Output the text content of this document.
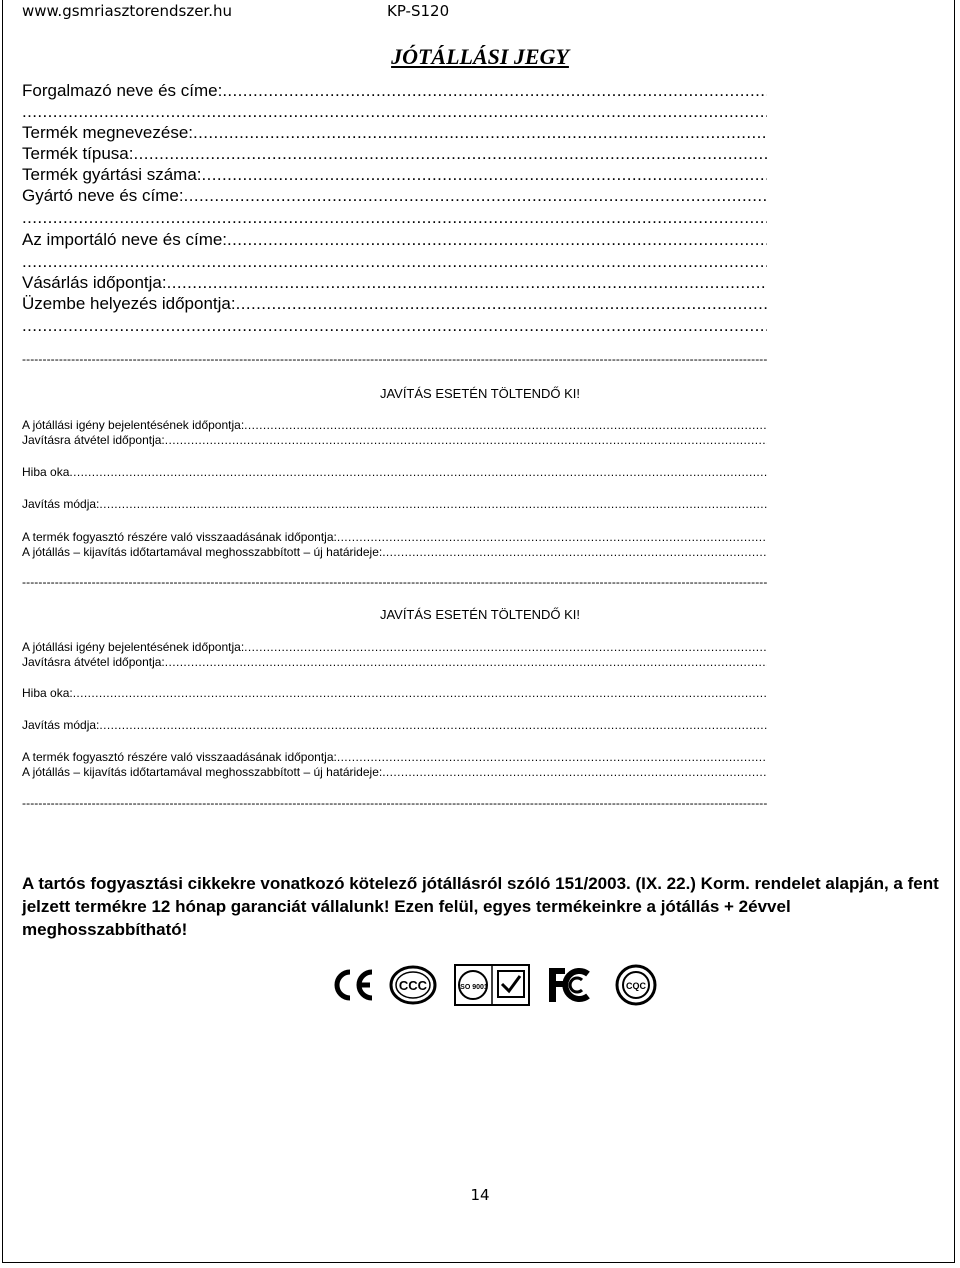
www.gsmriasztorendszer.hu	KP-S120
JÓTÁLLÁSI JEGY
Forgalmazó neve és címe: .....
.....
Termék megnevezése: .....
Termék típusa: .....
Termék gyártási száma: .....
Gyártó neve és címe: .....
.....
Az importáló neve és címe: .....
.....
Vásárlás időpontja: .....
Üzembe helyezés időpontja: .....
.....
-----
JAVÍTÁS ESETÉN TÖLTENDŐ KI!
A jótállási igény bejelentésének időpontja: .....
Javításra átvétel időpontja: .....
Hiba oka .....
Javítás módja: .....
A termék fogyasztó részére való visszaadásának időpontja: .....
A jótállás – kijavítás időtartamával meghosszabbított – új határideje: .....
-----
JAVÍTÁS ESETÉN TÖLTENDŐ KI!
A jótállási igény bejelentésének időpontja: .....
Javításra átvétel időpontja: .....
Hiba oka: .....
Javítás módja: .....
A termék fogyasztó részére való visszaadásának időpontja: .....
A jótállás – kijavítás időtartamával meghosszabbított – új határideje: .....
-----
A tartós fogyasztási cikkekre vonatkozó kötelező jótállásról szóló 151/2003. (IX. 22.) Korm. rendelet alapján, a fent jelzett termékre 12 hónap garanciát vállalunk! Ezen felül, egyes termékeinkre a jótállás + 2évvel meghosszabbítható!
CCC	ISO 9001	CQC
14
